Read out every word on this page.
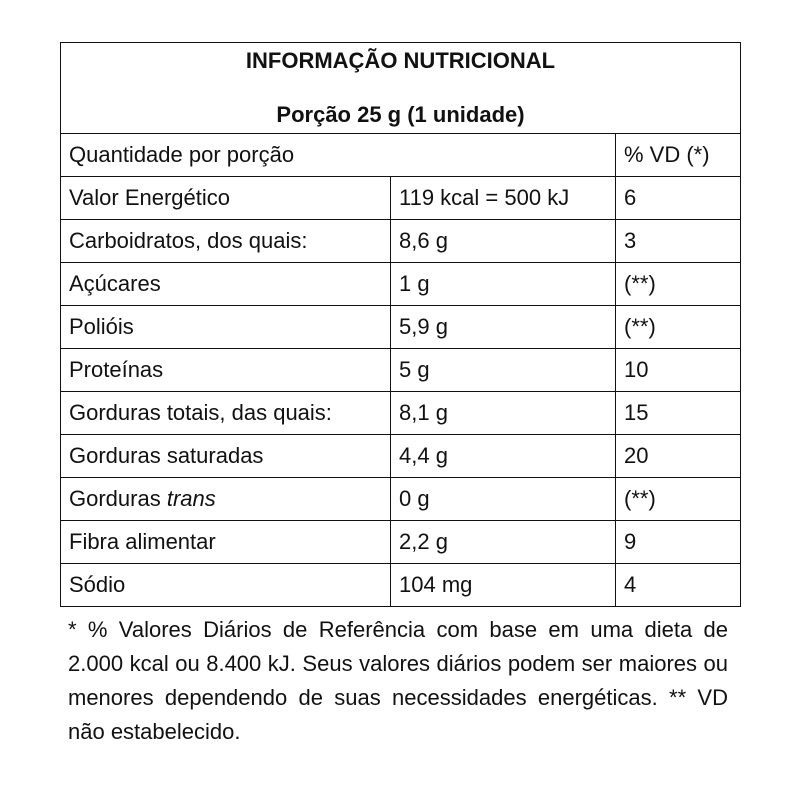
INFORMAÇÃO NUTRICIONAL
Porção 25 g (1 unidade)		

Quantidade por porção		% VD (*)
Valor Energético	119 kcal = 500 kJ	6
Carboidratos, dos quais:	8,6 g	3
Açúcares	1 g	(**)
Polióis	5,9 g	(**)
Proteínas	5 g	10
Gorduras totais, das quais:	8,1 g	15
Gorduras saturadas	4,4 g	20
Gorduras trans	0 g	(**)
Fibra alimentar	2,2 g	9
Sódio	104 mg	4

* % Valores Diários de Referência com base em uma dieta de 2.000 kcal ou 8.400 kJ. Seus valores diários podem ser maiores ou menores dependendo de suas necessidades energéticas. ** VD não estabelecido.
